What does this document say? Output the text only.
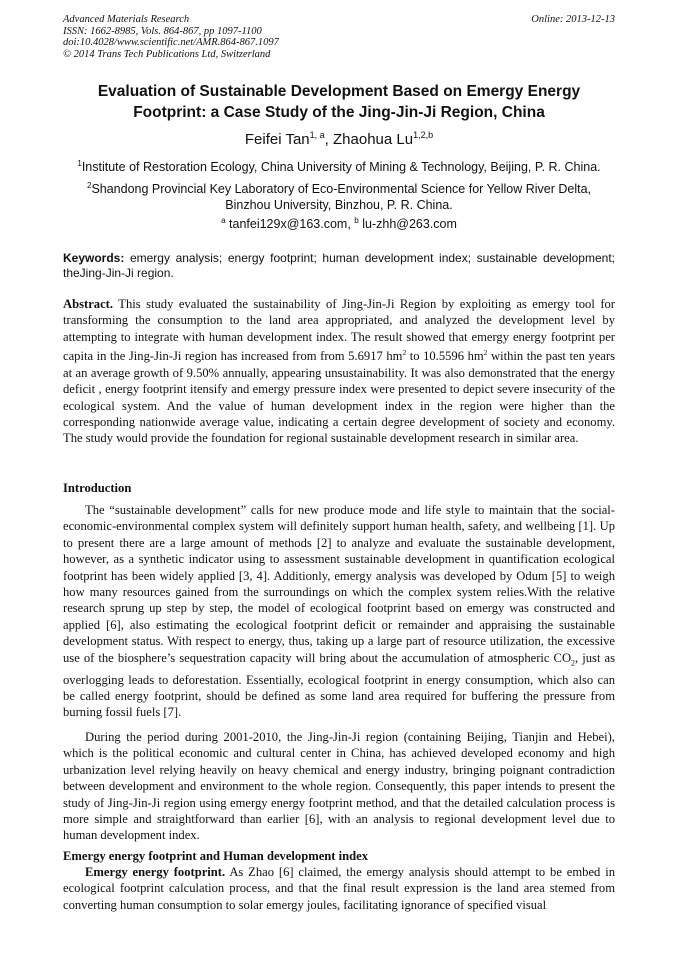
Advanced Materials Research
ISSN: 1662-8985, Vols. 864-867, pp 1097-1100
doi:10.4028/www.scientific.net/AMR.864-867.1097
© 2014 Trans Tech Publications Ltd, Switzerland
Online: 2013-12-13
Evaluation of Sustainable Development Based on Emergy Energy
Footprint: a Case Study of the Jing-Jin-Ji Region, China
Feifei Tan$^{1, a}$, Zhaohua Lu$^{1,2,b}$
$^1$Institute of Restoration Ecology, China University of Mining & Technology, Beijing, P. R. China.
$^2$Shandong Provincial Key Laboratory of Eco-Environmental Science for Yellow River Delta,
Binzhou University, Binzhou, P. R. China.
$^a$ tanfei129x@163.com, $^b$ lu-zhh@263.com
Keywords: emergy analysis; energy footprint; human development index; sustainable development; theJing-Jin-Ji region.
Abstract. This study evaluated the sustainability of Jing-Jin-Ji Region by exploiting as emergy tool for transforming the consumption to the land area appropriated, and analyzed the development level by attempting to integrate with human development index. The result showed that emergy energy footprint per capita in the Jing-Jin-Ji region has increased from from 5.6917 $hm^2$ to 10.5596 $hm^2$ within the past ten years at an average growth of 9.50% annually, appearing unsustainability. It was also demonstrated that the energy deficit , energy footprint itensify and emergy pressure index were presented to depict severe insecurity of the ecological system. And the value of human development index in the region were higher than the corresponding nationwide average value, indicating a certain degree development of society and economy. The study would provide the foundation for regional sustainable development research in similar area.
Introduction
The “sustainable development” calls for new produce mode and life style to maintain that the social-economic-environmental complex system will definitely support human health, safety, and wellbeing [1]. Up to present there are a large amount of methods [2] to analyze and evaluate the sustainable development, however, as a synthetic indicator using to assessment sustainable development in quantification ecological footprint has been widely applied [3, 4]. Additionly, emergy analysis was developed by Odum [5] to weigh how many resources gained from the surroundings on which the complex system relies.With the relative research sprung up step by step, the model of ecological footprint based on emergy was constructed and applied [6], also estimating the ecological footprint deficit or remainder and appraising the sustainable development status. With respect to energy, thus, taking up a large part of resource utilization, the excessive use of the biosphere’s sequestration capacity will bring about the accumulation of atmospheric $CO_2$, just as overlogging leads to deforestation. Essentially, ecological footprint in energy consumption, which also can be called energy footprint, should be defined as some land area required for buffering the pressure from burning fossil fuels [7].
During the period during 2001-2010, the Jing-Jin-Ji region (containing Beijing, Tianjin and Hebei), which is the political economic and cultural center in China, has achieved developed economy and high urbanization level relying heavily on heavy chemical and energy industry, bringing poignant contradiction between development and environment to the whole region. Consequently, this paper intends to present the study of Jing-Jin-Ji region using emergy energy footprint method, and that the detailed calculation process is more simple and straightforward than earlier [6], with an analysis to regional development level due to human development index.
Emergy energy footprint and Human development index
Emergy energy footprint. As Zhao [6] claimed, the emergy analysis should attempt to be embed in ecological footprint calculation process, and that the final result expression is the land area stemed from converting human consumption to solar emergy joules, facilitating ignorance of specified visual
